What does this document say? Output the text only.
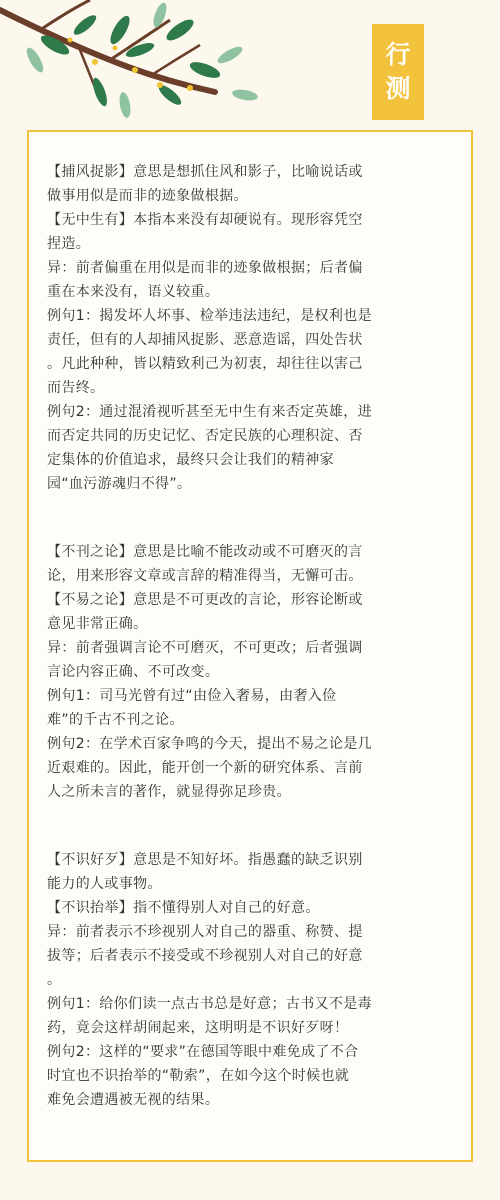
行
测

【捕风捉影】意思是想抓住风和影子，比喻说话或

做事用似是而非的迹象做根据。

【无中生有】本指本来没有却硬说有。现形容凭空

捏造。

异：前者偏重在用似是而非的迹象做根据；后者偏

重在本来没有，语义较重。

例句1：揭发坏人坏事、检举违法违纪，是权利也是

责任，但有的人却捕风捉影、恶意造谣，四处告状

。凡此种种，皆以精致利己为初衷，却往往以害己

而告终。

例句2：通过混淆视听甚至无中生有来否定英雄，进

而否定共同的历史记忆、否定民族的心理积淀、否

定集体的价值追求，最终只会让我们的精神家

园“血污游魂归不得”。

【不刊之论】意思是比喻不能改动或不可磨灭的言

论，用来形容文章或言辞的精准得当，无懈可击。

【不易之论】意思是不可更改的言论，形容论断或

意见非常正确。

异：前者强调言论不可磨灭，不可更改；后者强调

言论内容正确、不可改变。

例句1：司马光曾有过“由俭入奢易，由奢入俭

难”的千古不刊之论。

例句2：在学术百家争鸣的今天，提出不易之论是几

近艰难的。因此，能开创一个新的研究体系、言前

人之所未言的著作，就显得弥足珍贵。

【不识好歹】意思是不知好坏。指愚蠢的缺乏识别

能力的人或事物。

【不识抬举】指不懂得别人对自己的好意。

异：前者表示不珍视别人对自己的器重、称赞、提

拔等；后者表示不接受或不珍视别人对自己的好意

。

例句1：给你们读一点古书总是好意；古书又不是毒

药，竟会这样胡闹起来，这明明是不识好歹呀！

例句2：这样的“要求”在德国等眼中难免成了不合

时宜也不识抬举的“勒索”，在如今这个时候也就

难免会遭遇被无视的结果。
